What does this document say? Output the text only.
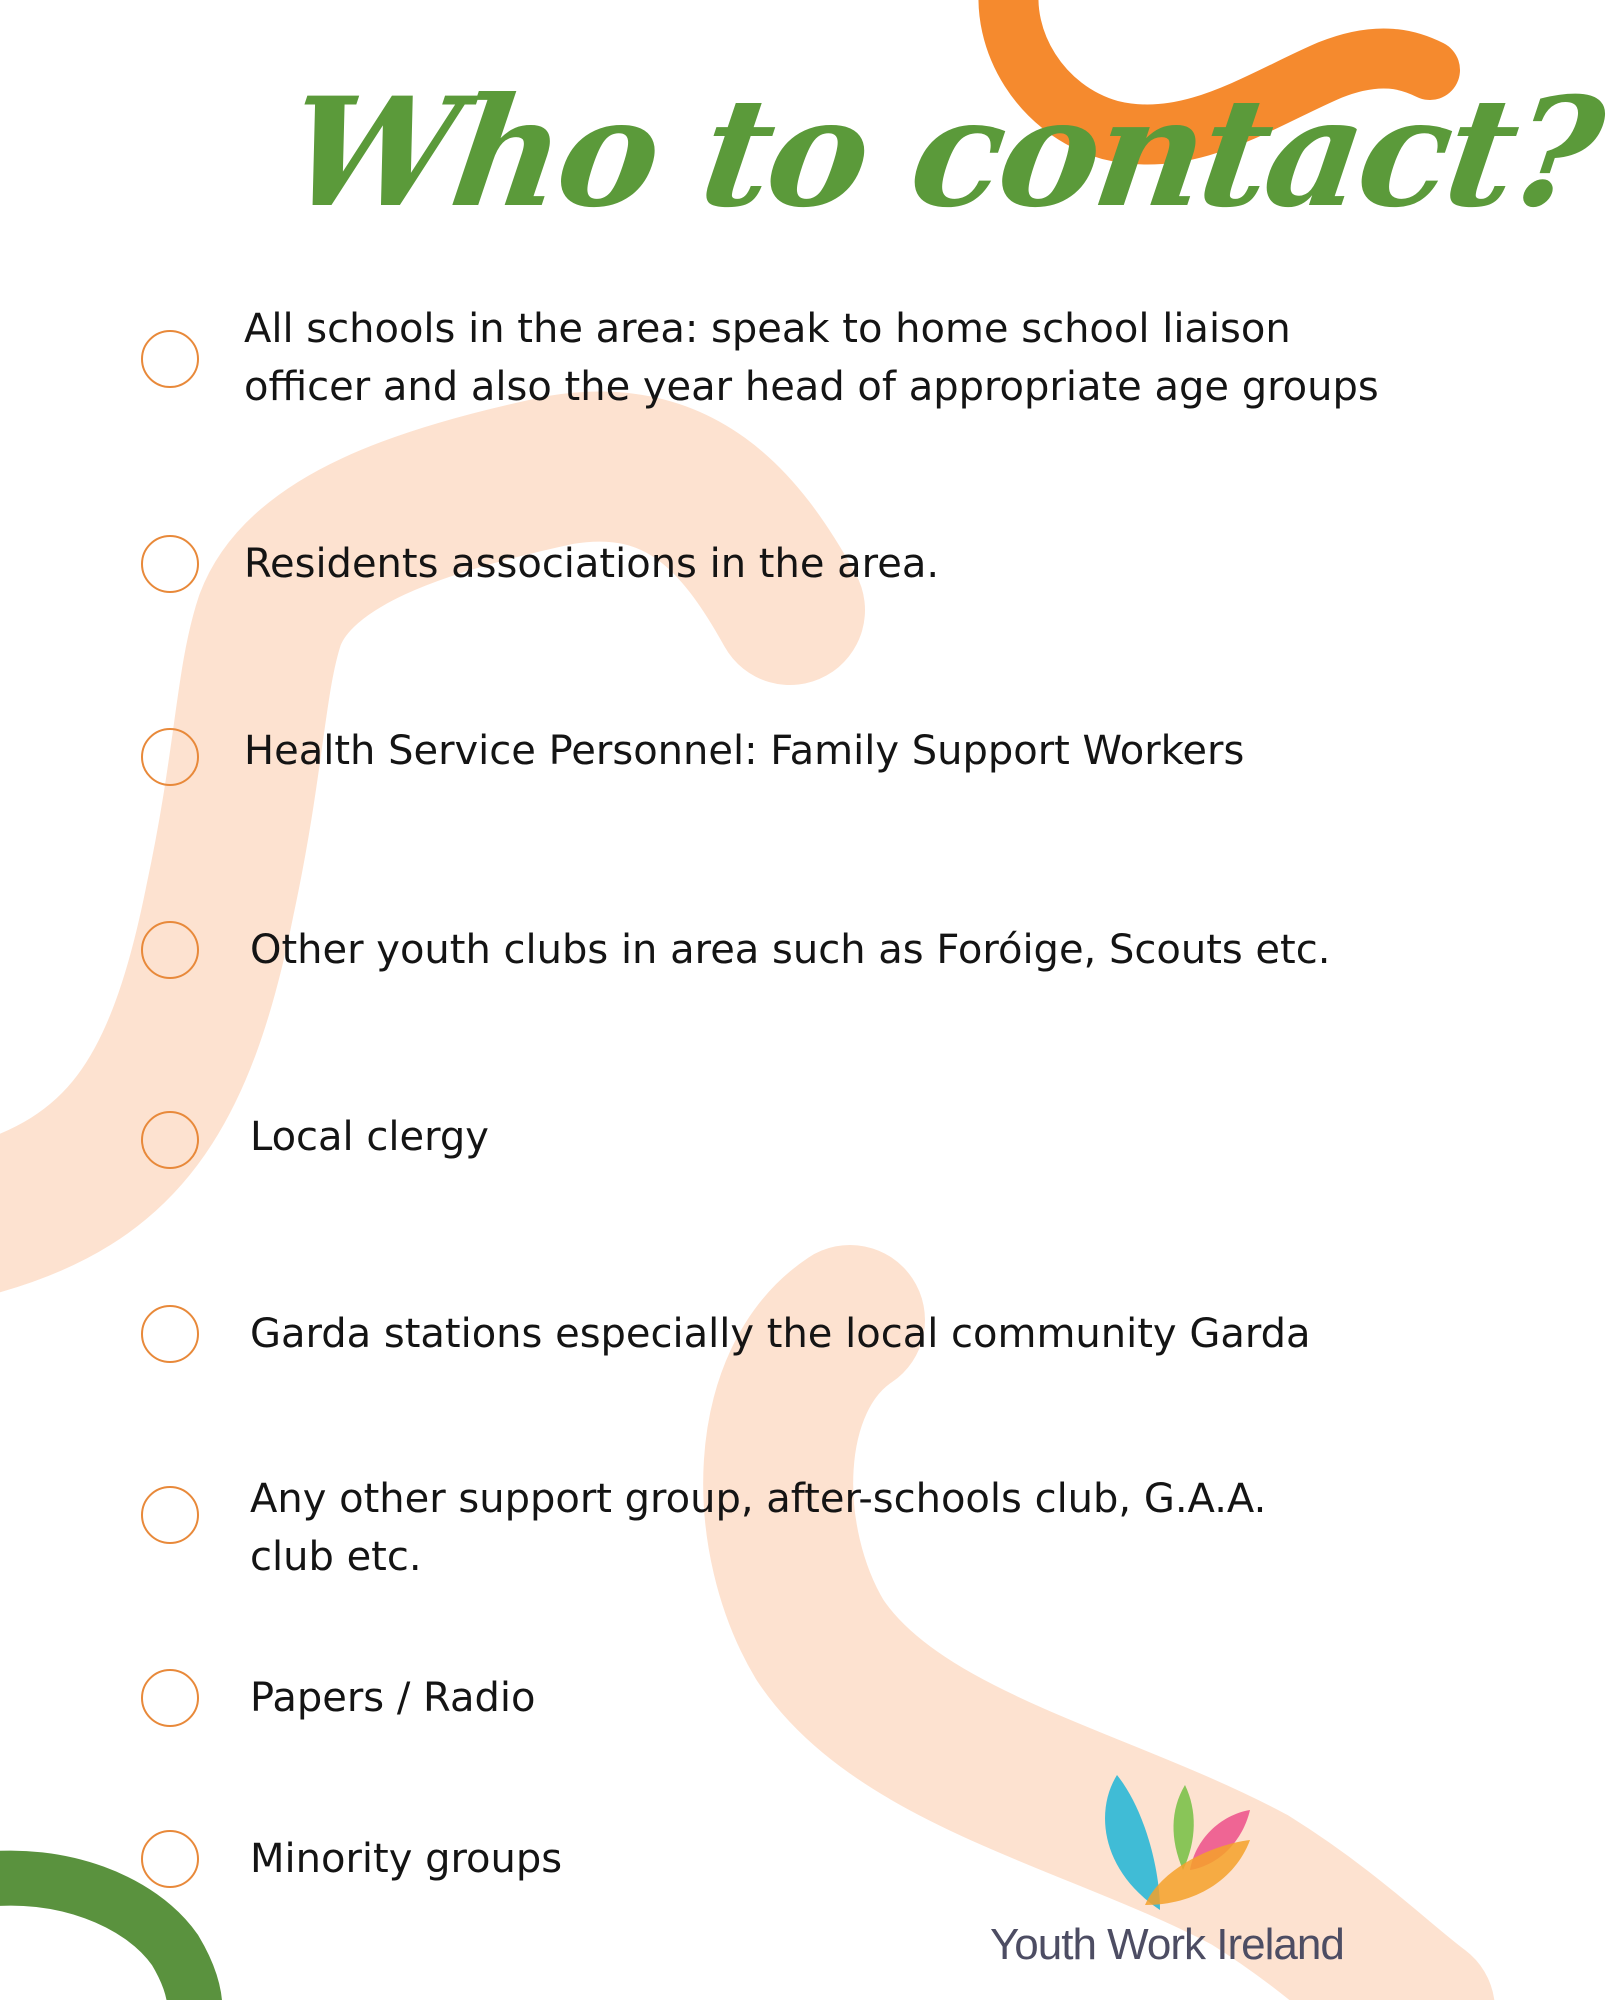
Who to contact?
All schools in the area: speak to home school liaison officer and also the year head of appropriate age groups
Residents associations in the area.
Health Service Personnel: Family Support Workers
Other youth clubs in area such as Foróige, Scouts etc.
Local clergy
Garda stations especially the local community Garda
Any other support group, after-schools club, G.A.A. club etc.
Papers / Radio
Minority groups
Youth Work Ireland
